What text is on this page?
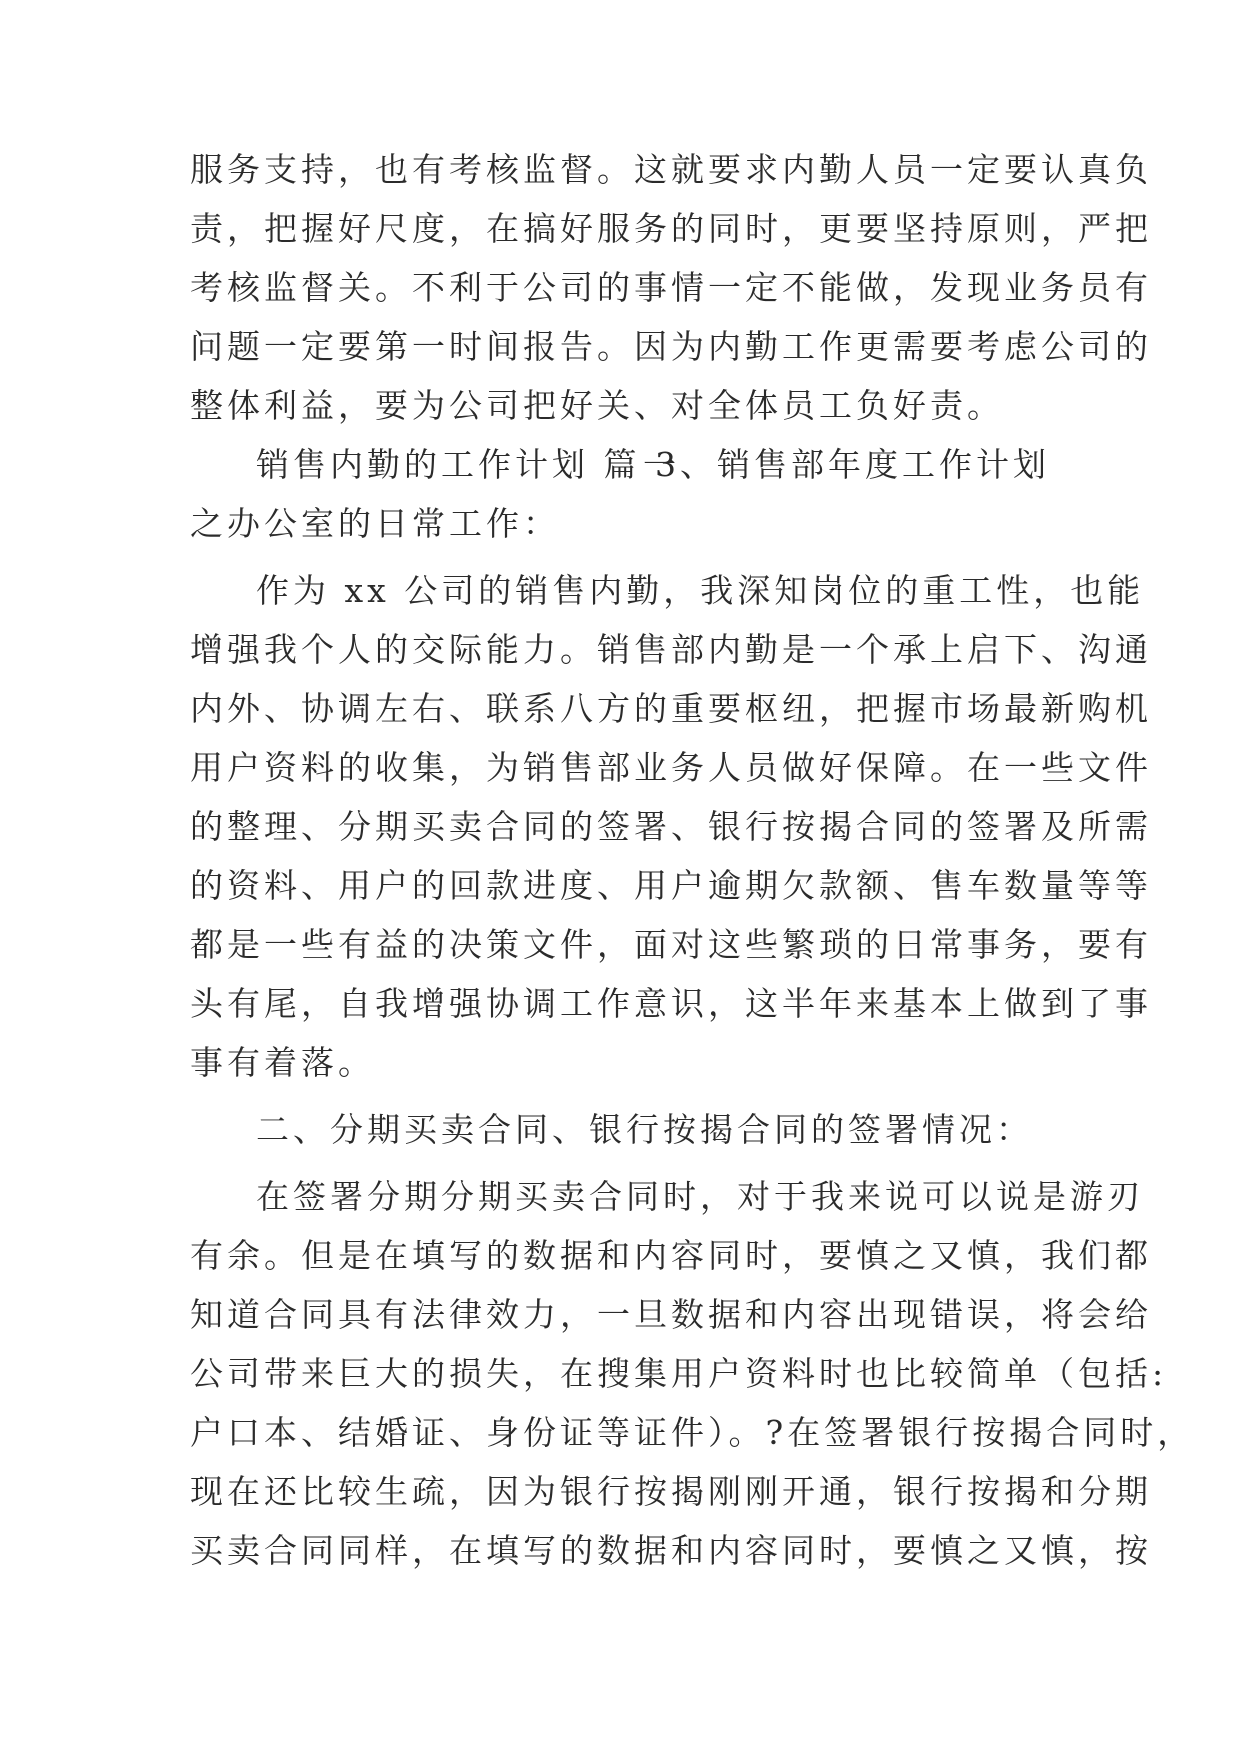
服务支持，也有考核监督。这就要求内勤人员一定要认真负
责，把握好尺度，在搞好服务的同时，更要坚持原则，严把
考核监督关。不利于公司的事情一定不能做，发现业务员有
问题一定要第一时间报告。因为内勤工作更需要考虑公司的
整体利益，要为公司把好关、对全体员工负好责。
销售内勤的工作计划 篇 3
一、销售部年度工作计划
之办公室的日常工作：
作为 xx 公司的销售内勤，我深知岗位的重工性，也能
增强我个人的交际能力。销售部内勤是一个承上启下、沟通
内外、协调左右、联系八方的重要枢纽，把握市场最新购机
用户资料的收集，为销售部业务人员做好保障。在一些文件
的整理、分期买卖合同的签署、银行按揭合同的签署及所需
的资料、用户的回款进度、用户逾期欠款额、售车数量等等
都是一些有益的决策文件，面对这些繁琐的日常事务，要有
头有尾，自我增强协调工作意识，这半年来基本上做到了事
事有着落。
二、分期买卖合同、银行按揭合同的签署情况：
在签署分期分期买卖合同时，对于我来说可以说是游刃
有余。但是在填写的数据和内容同时，要慎之又慎，我们都
知道合同具有法律效力，一旦数据和内容出现错误，将会给
公司带来巨大的损失，在搜集用户资料时也比较简单（包括:
户口本、结婚证、身份证等证件）。?在签署银行按揭合同时，
现在还比较生疏，因为银行按揭刚刚开通，银行按揭和分期
买卖合同同样，在填写的数据和内容同时，要慎之又慎，按
